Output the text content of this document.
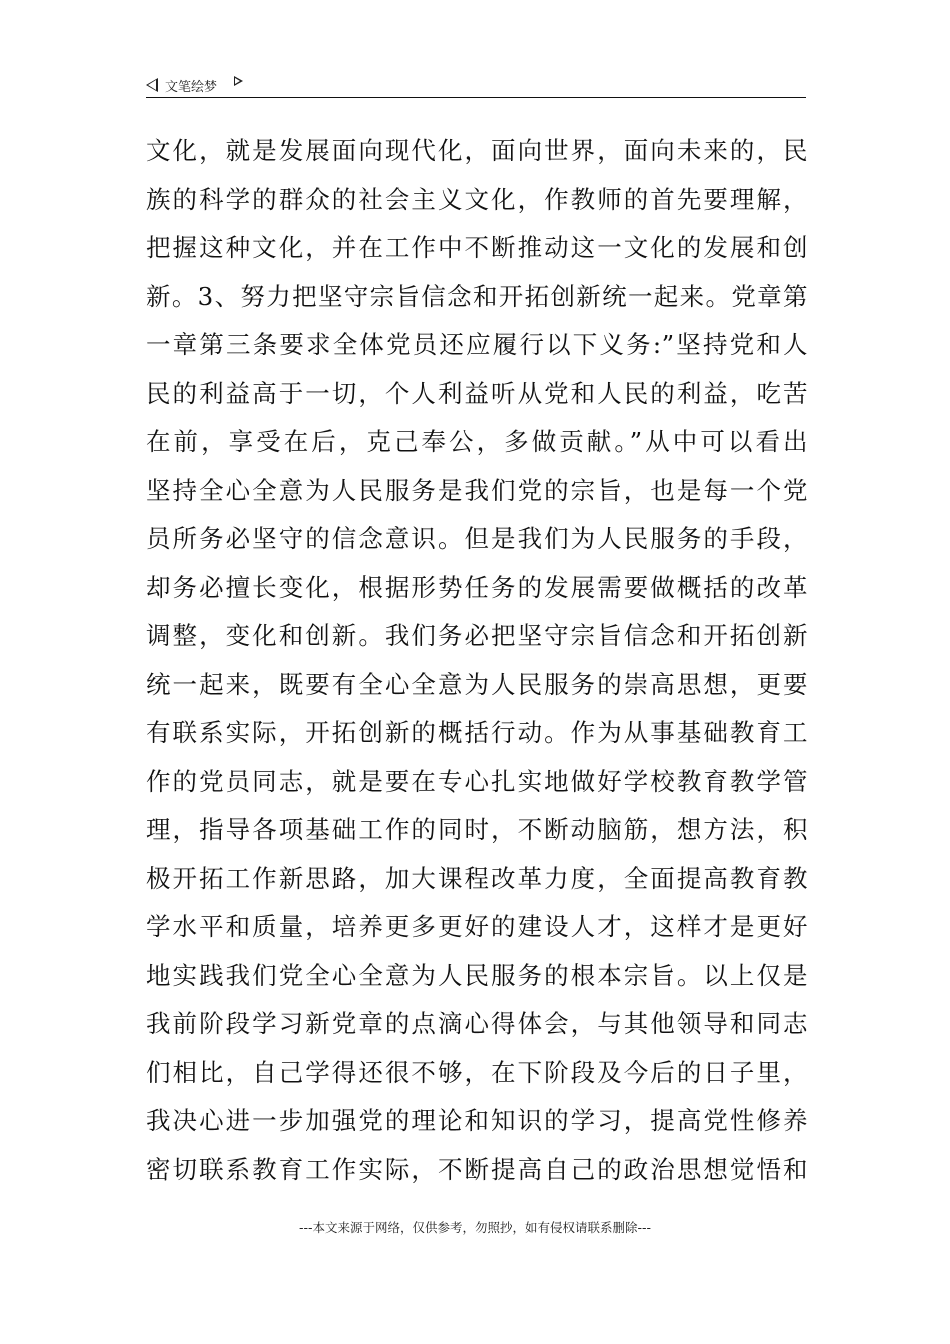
文笔绘梦
文化，就是发展面向现代化，面向世界，面向未来的，民
族的科学的群众的社会主义文化，作教师的首先要理解，
把握这种文化，并在工作中不断推动这一文化的发展和创
新。3、努力把坚守宗旨信念和开拓创新统一起来。党章第
一章第三条要求全体党员还应履行以下义务:”坚持党和人
民的利益高于一切，个人利益听从党和人民的利益，吃苦
在前，享受在后，克己奉公，多做贡献。”从中可以看出
坚持全心全意为人民服务是我们党的宗旨，也是每一个党
员所务必坚守的信念意识。但是我们为人民服务的手段，
却务必擅长变化，根据形势任务的发展需要做概括的改革
调整，变化和创新。我们务必把坚守宗旨信念和开拓创新
统一起来，既要有全心全意为人民服务的崇高思想，更要
有联系实际，开拓创新的概括行动。作为从事基础教育工
作的党员同志，就是要在专心扎实地做好学校教育教学管
理，指导各项基础工作的同时，不断动脑筋，想方法，积
极开拓工作新思路，加大课程改革力度，全面提高教育教
学水平和质量，培养更多更好的建设人才，这样才是更好
地实践我们党全心全意为人民服务的根本宗旨。以上仅是
我前阶段学习新党章的点滴心得体会，与其他领导和同志
们相比，自己学得还很不够，在下阶段及今后的日子里，
我决心进一步加强党的理论和知识的学习，提高党性修养
密切联系教育工作实际，不断提高自己的政治思想觉悟和
---本文来源于网络，仅供参考，勿照抄，如有侵权请联系删除---
